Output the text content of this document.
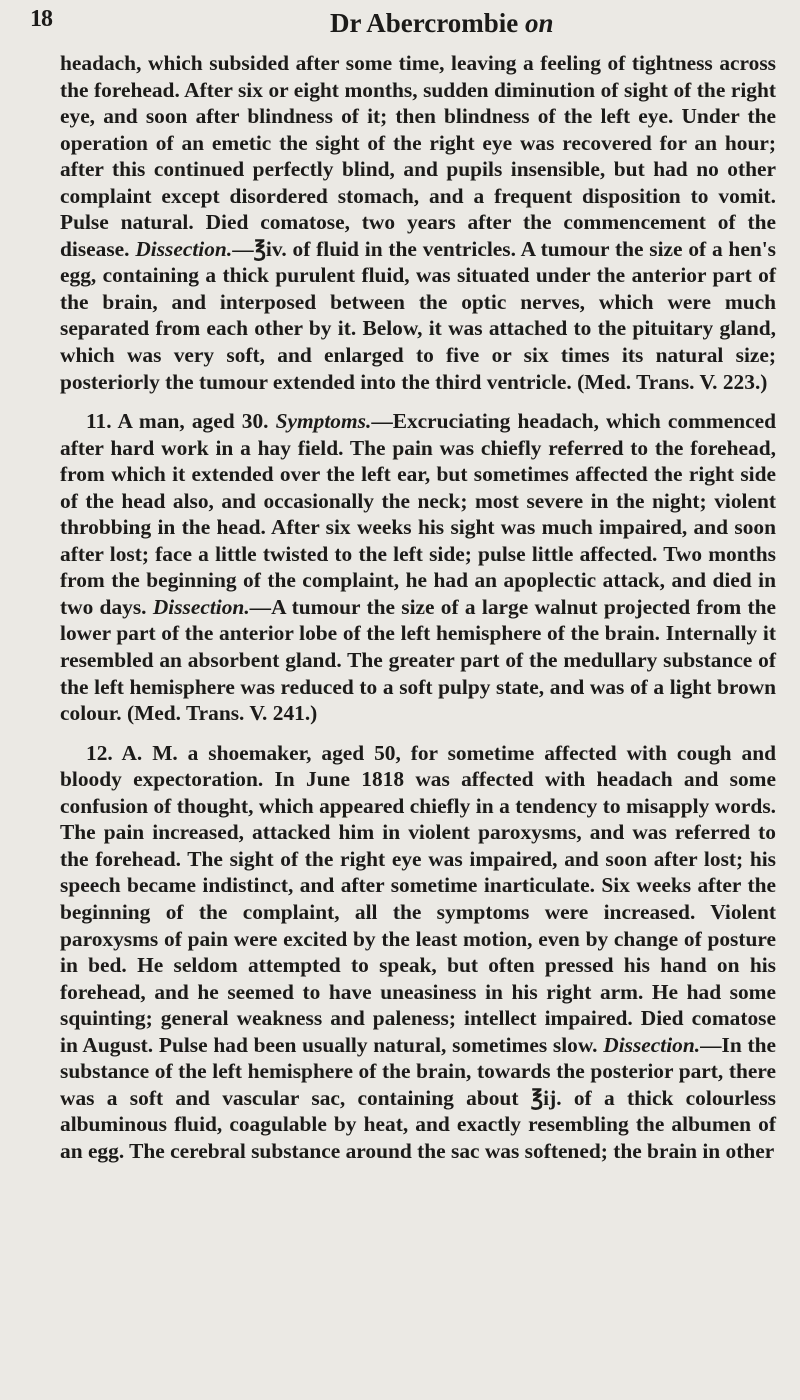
18	Dr Abercrombie on

headach, which subsided after some time, leaving a feeling of tightness across the forehead. After six or eight months, sudden diminution of sight of the right eye, and soon after blindness of it; then blindness of the left eye. Under the operation of an emetic the sight of the right eye was recovered for an hour; after this continued perfectly blind, and pupils insensible, but had no other complaint except disordered stomach, and a frequent disposition to vomit. Pulse natural. Died comatose, two years after the commencement of the disease. Dissection.—℥iv. of fluid in the ventricles. A tumour the size of a hen's egg, containing a thick purulent fluid, was situated under the anterior part of the brain, and interposed between the optic nerves, which were much separated from each other by it. Below, it was attached to the pituitary gland, which was very soft, and enlarged to five or six times its natural size; posteriorly the tumour extended into the third ventricle. (Med. Trans. V. 223.)

11. A man, aged 30. Symptoms.—Excruciating headach, which commenced after hard work in a hay field. The pain was chiefly referred to the forehead, from which it extended over the left ear, but sometimes affected the right side of the head also, and occasionally the neck; most severe in the night; violent throbbing in the head. After six weeks his sight was much impaired, and soon after lost; face a little twisted to the left side; pulse little affected. Two months from the beginning of the complaint, he had an apoplectic attack, and died in two days. Dissection.—A tumour the size of a large walnut projected from the lower part of the anterior lobe of the left hemisphere of the brain. Internally it resembled an absorbent gland. The greater part of the medullary substance of the left hemisphere was reduced to a soft pulpy state, and was of a light brown colour. (Med. Trans. V. 241.)

12. A. M. a shoemaker, aged 50, for sometime affected with cough and bloody expectoration. In June 1818 was affected with headach and some confusion of thought, which appeared chiefly in a tendency to misapply words. The pain increased, attacked him in violent paroxysms, and was referred to the forehead. The sight of the right eye was impaired, and soon after lost; his speech became indistinct, and after sometime inarticulate. Six weeks after the beginning of the complaint, all the symptoms were increased. Violent paroxysms of pain were excited by the least motion, even by change of posture in bed. He seldom attempted to speak, but often pressed his hand on his forehead, and he seemed to have uneasiness in his right arm. He had some squinting; general weakness and paleness; intellect impaired. Died comatose in August. Pulse had been usually natural, sometimes slow. Dissection.—In the substance of the left hemisphere of the brain, towards the posterior part, there was a soft and vascular sac, containing about ℥ij. of a thick colourless albuminous fluid, coagulable by heat, and exactly resembling the albumen of an egg. The cerebral substance around the sac was softened; the brain in other
